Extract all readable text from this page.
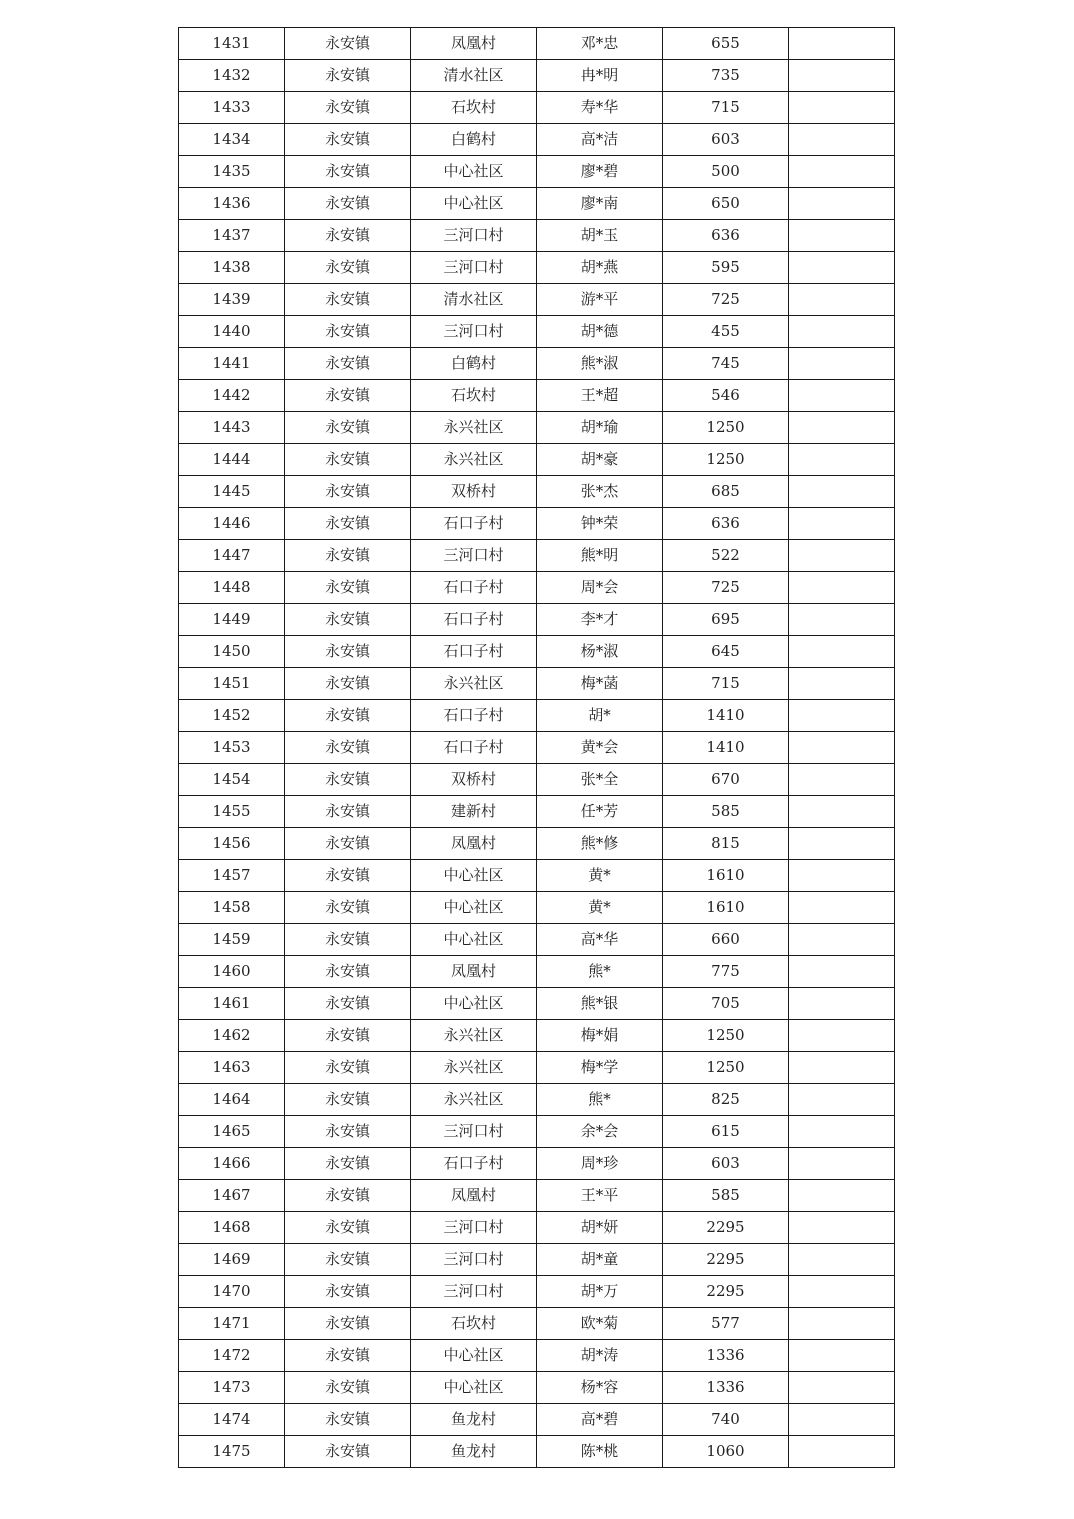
1431	永安镇	凤凰村	邓*忠	655	
1432	永安镇	清水社区	冉*明	735	
1433	永安镇	石坎村	寿*华	715	
1434	永安镇	白鹤村	高*洁	603	
1435	永安镇	中心社区	廖*碧	500	
1436	永安镇	中心社区	廖*南	650	
1437	永安镇	三河口村	胡*玉	636	
1438	永安镇	三河口村	胡*燕	595	
1439	永安镇	清水社区	游*平	725	
1440	永安镇	三河口村	胡*德	455	
1441	永安镇	白鹤村	熊*淑	745	
1442	永安镇	石坎村	王*超	546	
1443	永安镇	永兴社区	胡*瑜	1250	
1444	永安镇	永兴社区	胡*豪	1250	
1445	永安镇	双桥村	张*杰	685	
1446	永安镇	石口子村	钟*荣	636	
1447	永安镇	三河口村	熊*明	522	
1448	永安镇	石口子村	周*会	725	
1449	永安镇	石口子村	李*才	695	
1450	永安镇	石口子村	杨*淑	645	
1451	永安镇	永兴社区	梅*菡	715	
1452	永安镇	石口子村	胡*	1410	
1453	永安镇	石口子村	黄*会	1410	
1454	永安镇	双桥村	张*全	670	
1455	永安镇	建新村	任*芳	585	
1456	永安镇	凤凰村	熊*修	815	
1457	永安镇	中心社区	黄*	1610	
1458	永安镇	中心社区	黄*	1610	
1459	永安镇	中心社区	高*华	660	
1460	永安镇	凤凰村	熊*	775	
1461	永安镇	中心社区	熊*银	705	
1462	永安镇	永兴社区	梅*娟	1250	
1463	永安镇	永兴社区	梅*学	1250	
1464	永安镇	永兴社区	熊*	825	
1465	永安镇	三河口村	余*会	615	
1466	永安镇	石口子村	周*珍	603	
1467	永安镇	凤凰村	王*平	585	
1468	永安镇	三河口村	胡*妍	2295	
1469	永安镇	三河口村	胡*童	2295	
1470	永安镇	三河口村	胡*万	2295	
1471	永安镇	石坎村	欧*菊	577	
1472	永安镇	中心社区	胡*涛	1336	
1473	永安镇	中心社区	杨*容	1336	
1474	永安镇	鱼龙村	高*碧	740	
1475	永安镇	鱼龙村	陈*桃	1060	
